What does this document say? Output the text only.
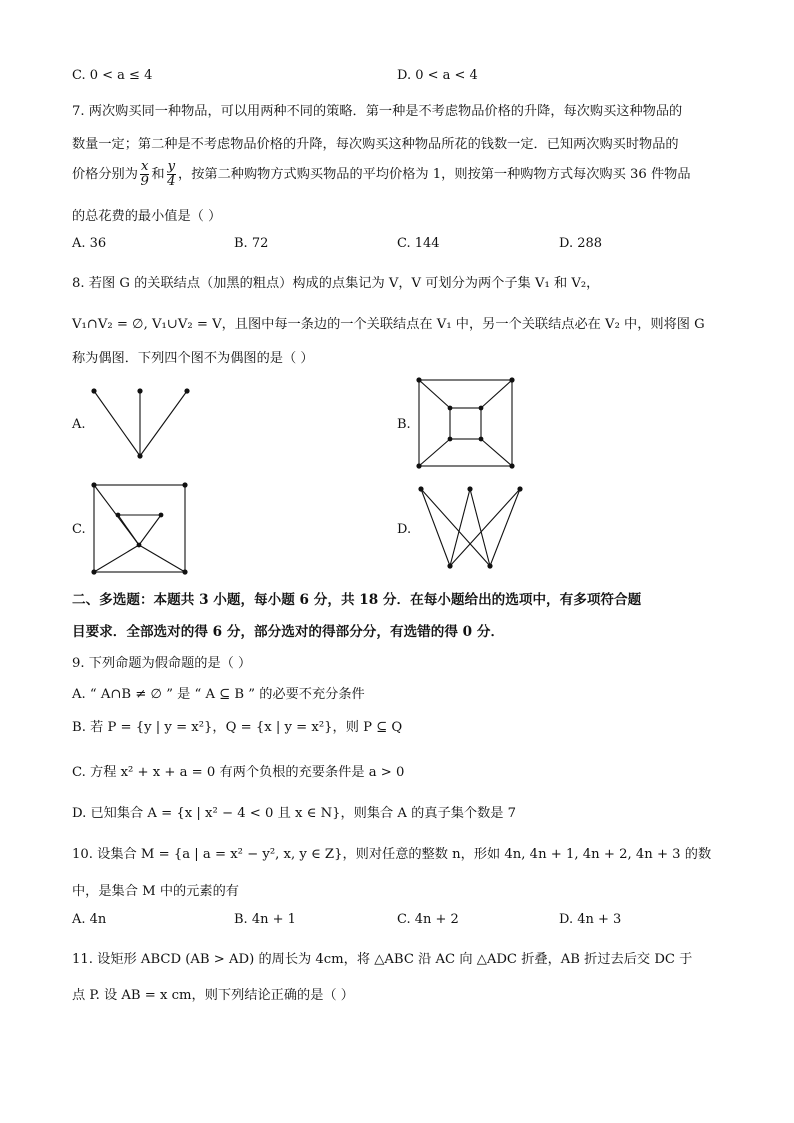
C. 0 < a ≤ 4	D. 0 < a < 4
7. 两次购买同一种物品，可以用两种不同的策略．第一种是不考虑物品价格的升降，每次购买这种物品的
数量一定；第二种是不考虑物品价格的升降，每次购买这种物品所花的钱数一定．已知两次购买时物品的
价格分别为 $\frac{x}{9}$ 和 $\frac{y}{4}$ ，按第二种购物方式购买物品的平均价格为 1，则按第一种购物方式每次购买 36 件物品
的总花费的最小值是（ ）
A. 36	B. 72	C. 144	D. 288
8. 若图 G 的关联结点（加黑的粗点）构成的点集记为 V，V 可划分为两个子集 V₁ 和 V₂，
V₁∩V₂ = ∅, V₁∪V₂ = V，且图中每一条边的一个关联结点在 V₁ 中，另一个关联结点必在 V₂ 中，则将图 G
称为偶图．下列四个图不为偶图的是（ ）
A.	B.
C.	D.
二、多选题：本题共 3 小题，每小题 6 分，共 18 分．在每小题给出的选项中，有多项符合题
目要求．全部选对的得 6 分，部分选对的得部分分，有选错的得 0 分．
9. 下列命题为假命题的是（ ）
A. “ A∩B ≠ ∅ ” 是 “ A ⊆ B ” 的必要不充分条件
B. 若 P = {y | y = x²}，Q = {x | y = x²}，则 P ⊆ Q
C. 方程 x² + x + a = 0 有两个负根的充要条件是 a > 0
D. 已知集合 A = {x | x² − 4 < 0 且 x ∈ N}，则集合 A 的真子集个数是 7
10. 设集合 M = {a | a = x² − y², x, y ∈ Z}，则对任意的整数 n，形如 4n, 4n + 1, 4n + 2, 4n + 3 的数
中，是集合 M 中的元素的有
A. 4n	B. 4n + 1	C. 4n + 2	D. 4n + 3
11. 设矩形 ABCD (AB > AD) 的周长为 4cm，将 △ABC 沿 AC 向 △ADC 折叠，AB 折过去后交 DC 于
点 P. 设 AB = x cm，则下列结论正确的是（ ）
